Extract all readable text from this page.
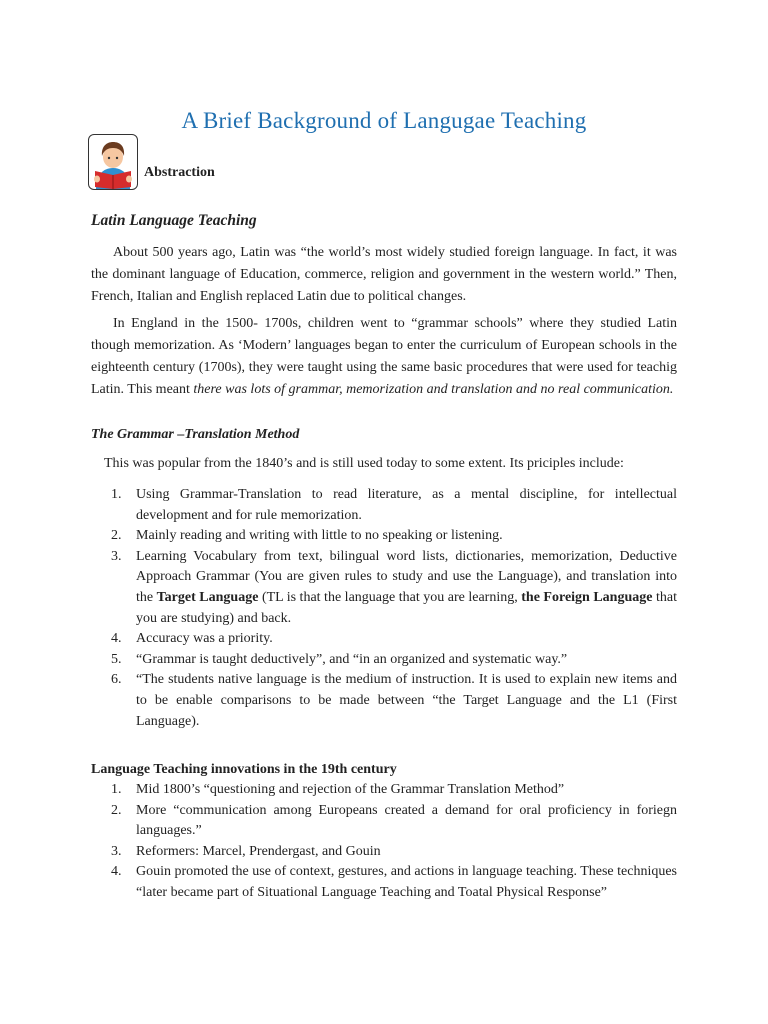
A Brief Background of Langugae Teaching
Abstraction
Latin Language Teaching

About 500 years ago, Latin was “the world’s most widely studied foreign language. In fact, it was the dominant language of Education, commerce, religion and government in the western world.” Then, French, Italian and English replaced Latin due to political changes.

In England in the 1500- 1700s, children went to “grammar schools” where they studied Latin though memorization. As ‘Modern’ languages began to enter the curriculum of European schools in the eighteenth century (1700s), they were taught using the same basic procedures that were used for teachig Latin. This meant there was lots of grammar, memorization and translation and no real communication.

The Grammar –Translation Method
This was popular from the 1840’s and is still used today to some extent. Its priciples include:
1. Using Grammar-Translation to read literature, as a mental discipline, for intellectual development and for rule memorization.
2. Mainly reading and writing with little to no speaking or listening.
3. Learning Vocabulary from text, bilingual word lists, dictionaries, memorization, Deductive Approach Grammar (You are given rules to study and use the Language), and translation into the Target Language (TL is that the language that you are learning, the Foreign Language that you are studying) and back.
4. Accuracy was a priority.
5. “Grammar is taught deductively”, and “in an organized and systematic way.”
6. “The students native language is the medium of instruction. It is used to explain new items and to be enable comparisons to be made between “the Target Language and the L1 (First Language).
Language Teaching innovations in the 19th century
1. Mid 1800’s “questioning and rejection of the Grammar Translation Method”
2. More “communication among Europeans created a demand for oral proficiency in foriegn languages.”
3. Reformers: Marcel, Prendergast, and Gouin
4. Gouin promoted the use of context, gestures, and actions in language teaching. These techniques “later became part of Situational Language Teaching and Toatal Physical Response”
